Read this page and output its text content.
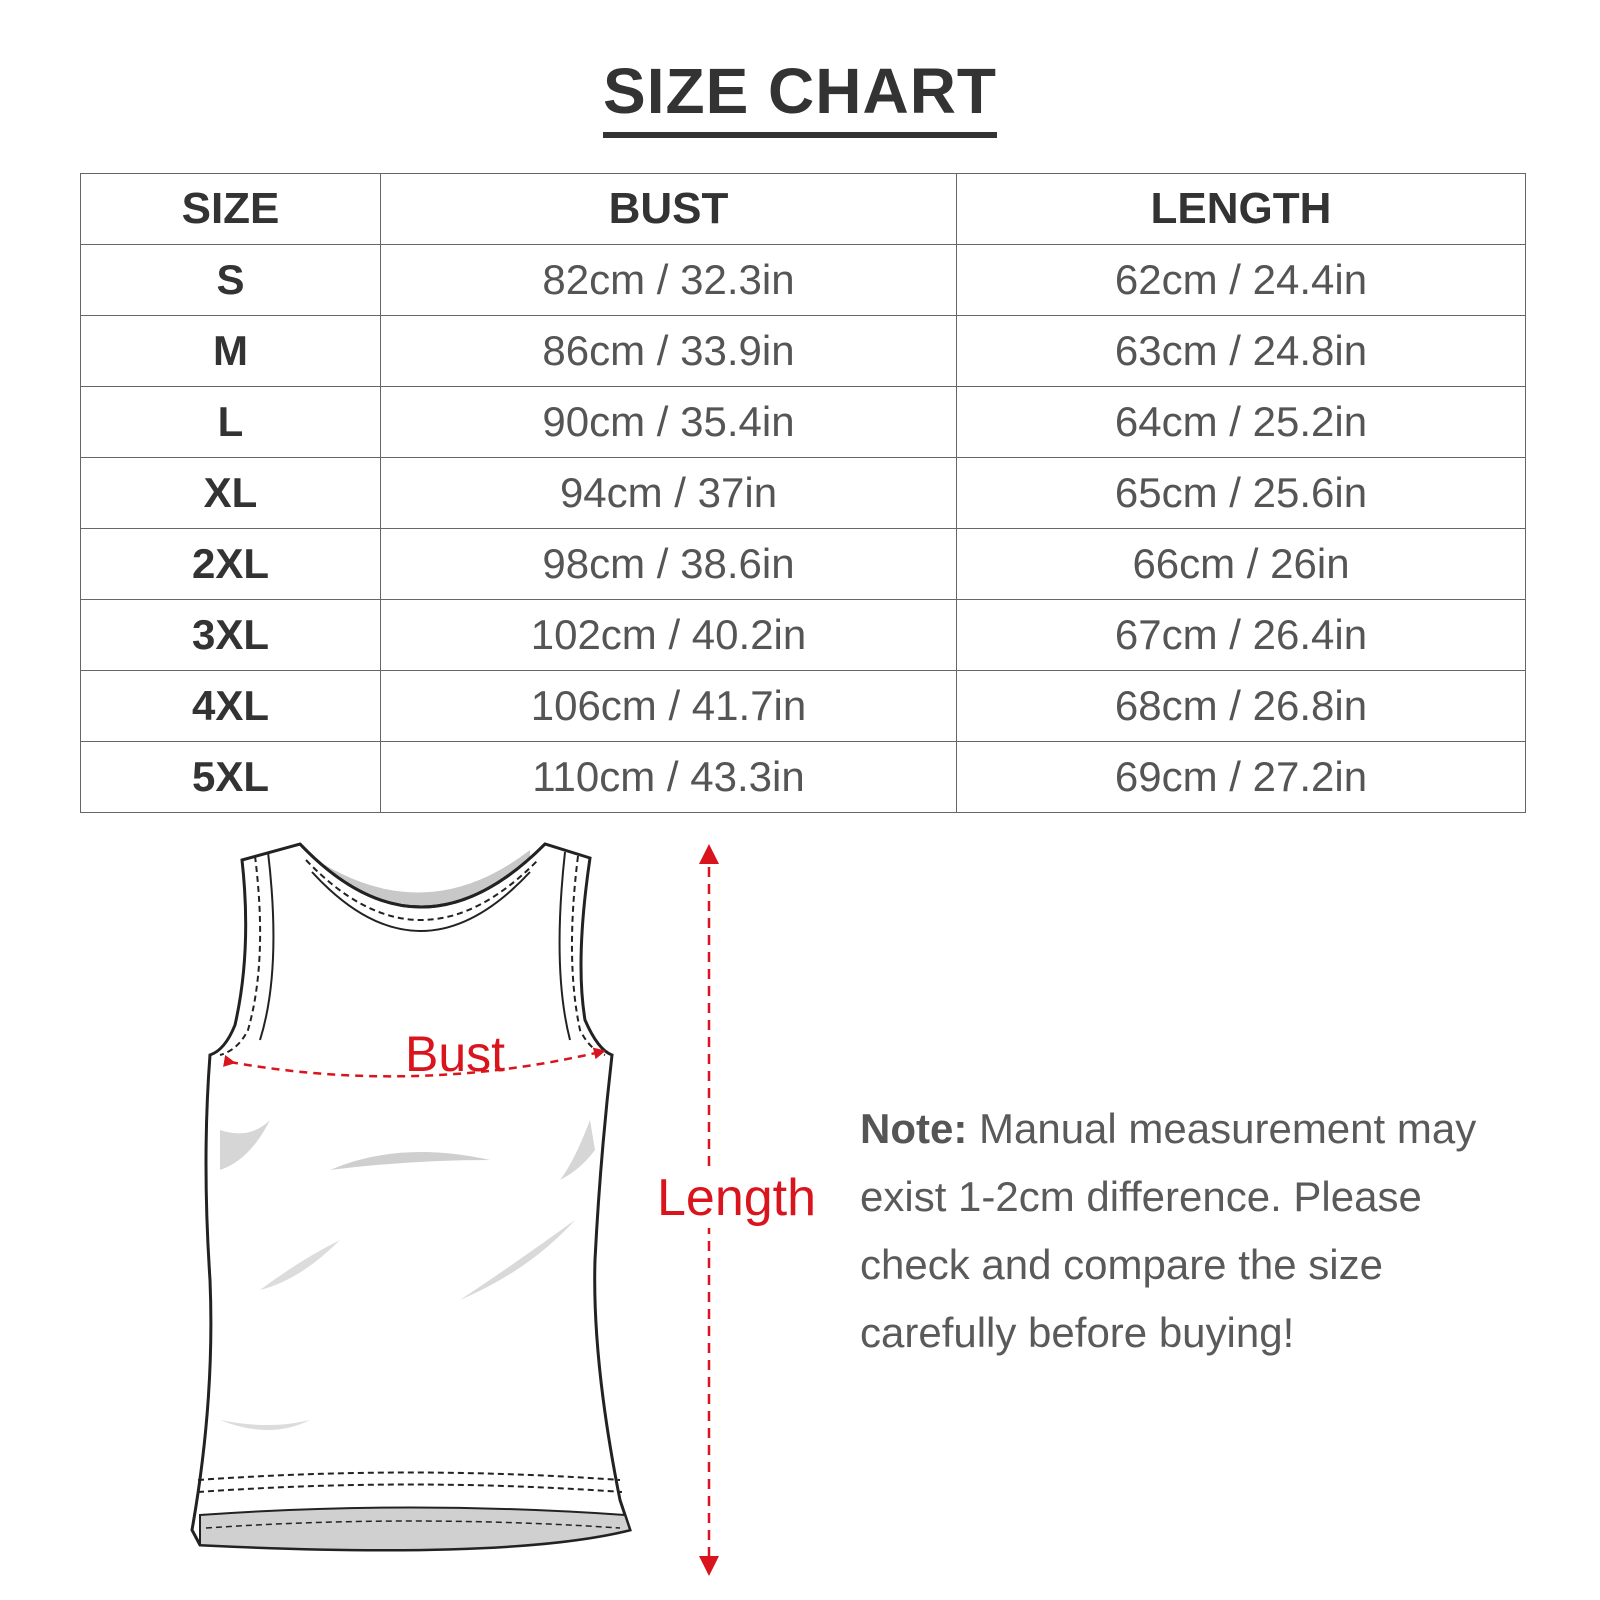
SIZE CHART
SIZE	BUST	LENGTH
S	82cm / 32.3in	62cm / 24.4in
M	86cm / 33.9in	63cm / 24.8in
L	90cm / 35.4in	64cm / 25.2in
XL	94cm / 37in	65cm / 25.6in
2XL	98cm / 38.6in	66cm / 26in
3XL	102cm / 40.2in	67cm / 26.4in
4XL	106cm / 41.7in	68cm / 26.8in
5XL	110cm / 43.3in	69cm / 27.2in
Bust
Length
Note: Manual measurement may exist 1-2cm difference. Please check and compare the size carefully before buying!
